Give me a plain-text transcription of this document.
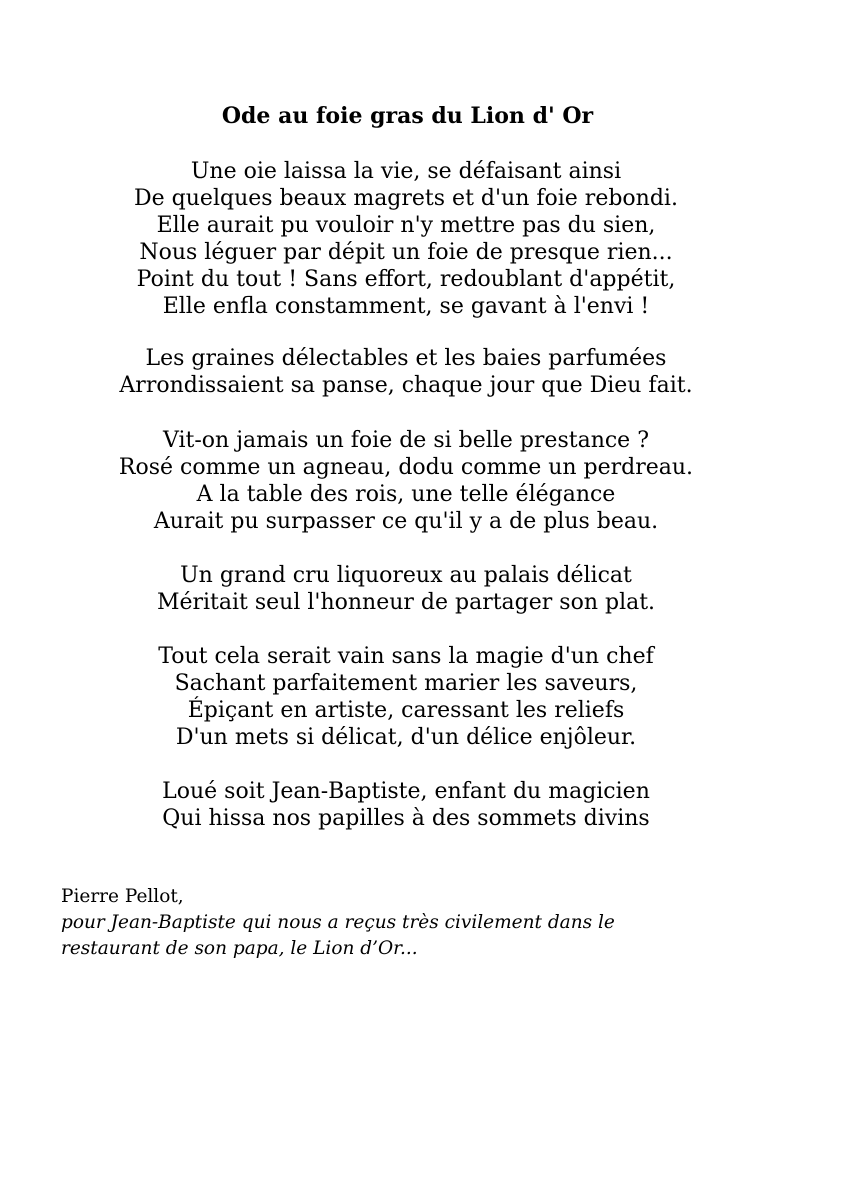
Ode au foie gras du Lion d' Or

Une oie laissa la vie, se défaisant ainsi
De quelques beaux magrets et d'un foie rebondi.
Elle aurait pu vouloir n'y mettre pas du sien,
Nous léguer par dépit un foie de presque rien...
Point du tout ! Sans effort, redoublant d'appétit,
Elle enfla constamment, se gavant à l'envi !

Les graines délectables et les baies parfumées
Arrondissaient sa panse, chaque jour que Dieu fait.

Vit-on jamais un foie de si belle prestance ?
Rosé comme un agneau, dodu comme un perdreau.
A la table des rois, une telle élégance
Aurait pu surpasser ce qu'il y a de plus beau.

Un grand cru liquoreux au palais délicat
Méritait seul l'honneur de partager son plat.

Tout cela serait vain sans la magie d'un chef
Sachant parfaitement marier les saveurs,
Épiçant en artiste, caressant les reliefs
D'un mets si délicat, d'un délice enjôleur.

Loué soit Jean-Baptiste, enfant du magicien
Qui hissa nos papilles à des sommets divins

Pierre Pellot,
pour Jean-Baptiste qui nous a reçus très civilement dans le
restaurant de son papa, le Lion d’Or...
